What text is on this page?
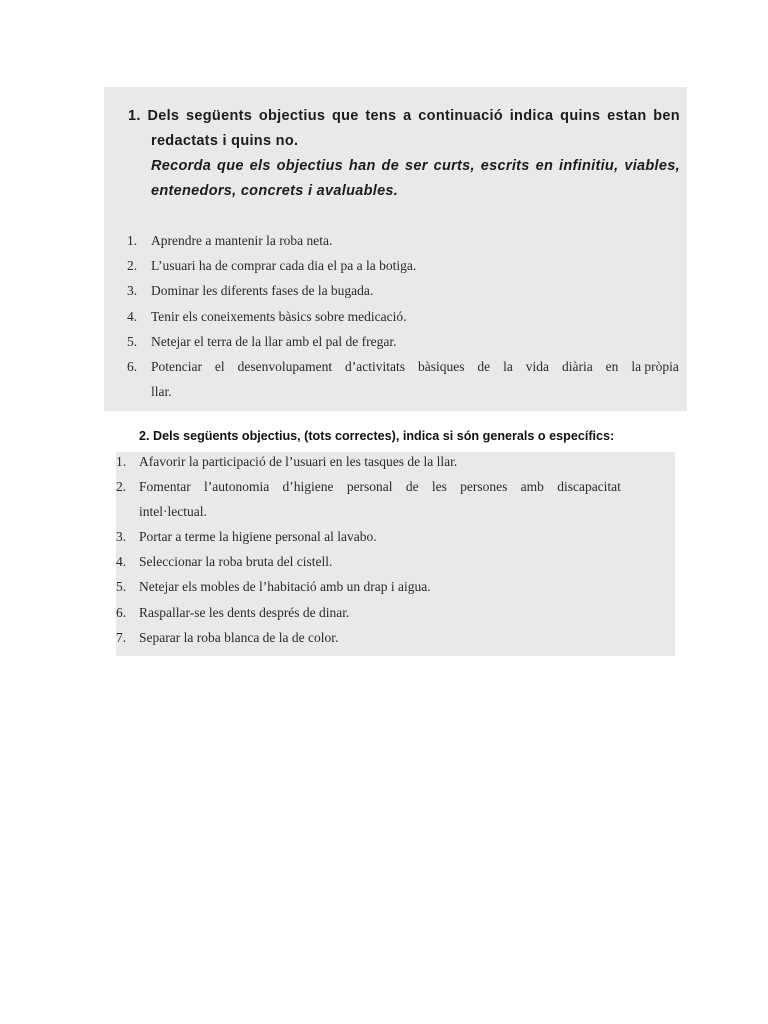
1. Dels següents objectius que tens a continuació indica quins estan ben
redactats i quins no.
Recorda que els objectius han de ser curts, escrits en infinitiu, viables,
entenedors, concrets i avaluables.
1. Aprendre a mantenir la roba neta.
2. L’usuari ha de comprar cada dia el pa a la botiga.
3. Dominar les diferents fases de la bugada.
4. Tenir els coneixements bàsics sobre medicació.
5. Netejar el terra de la llar amb el pal de fregar.
6. Potenciar el desenvolupament d’activitats bàsiques de la vida diària en la pròpia
llar.
2. Dels següents objectius, (tots correctes), indica si són generals o específics:
1. Afavorir la participació de l’usuari en les tasques de la llar.
2. Fomentar l’autonomia d’higiene personal de les persones amb discapacitat
intel·lectual.
3. Portar a terme la higiene personal al lavabo.
4. Seleccionar la roba bruta del cistell.
5. Netejar els mobles de l’habitació amb un drap i aigua.
6. Raspallar-se les dents després de dinar.
7. Separar la roba blanca de la de color.
